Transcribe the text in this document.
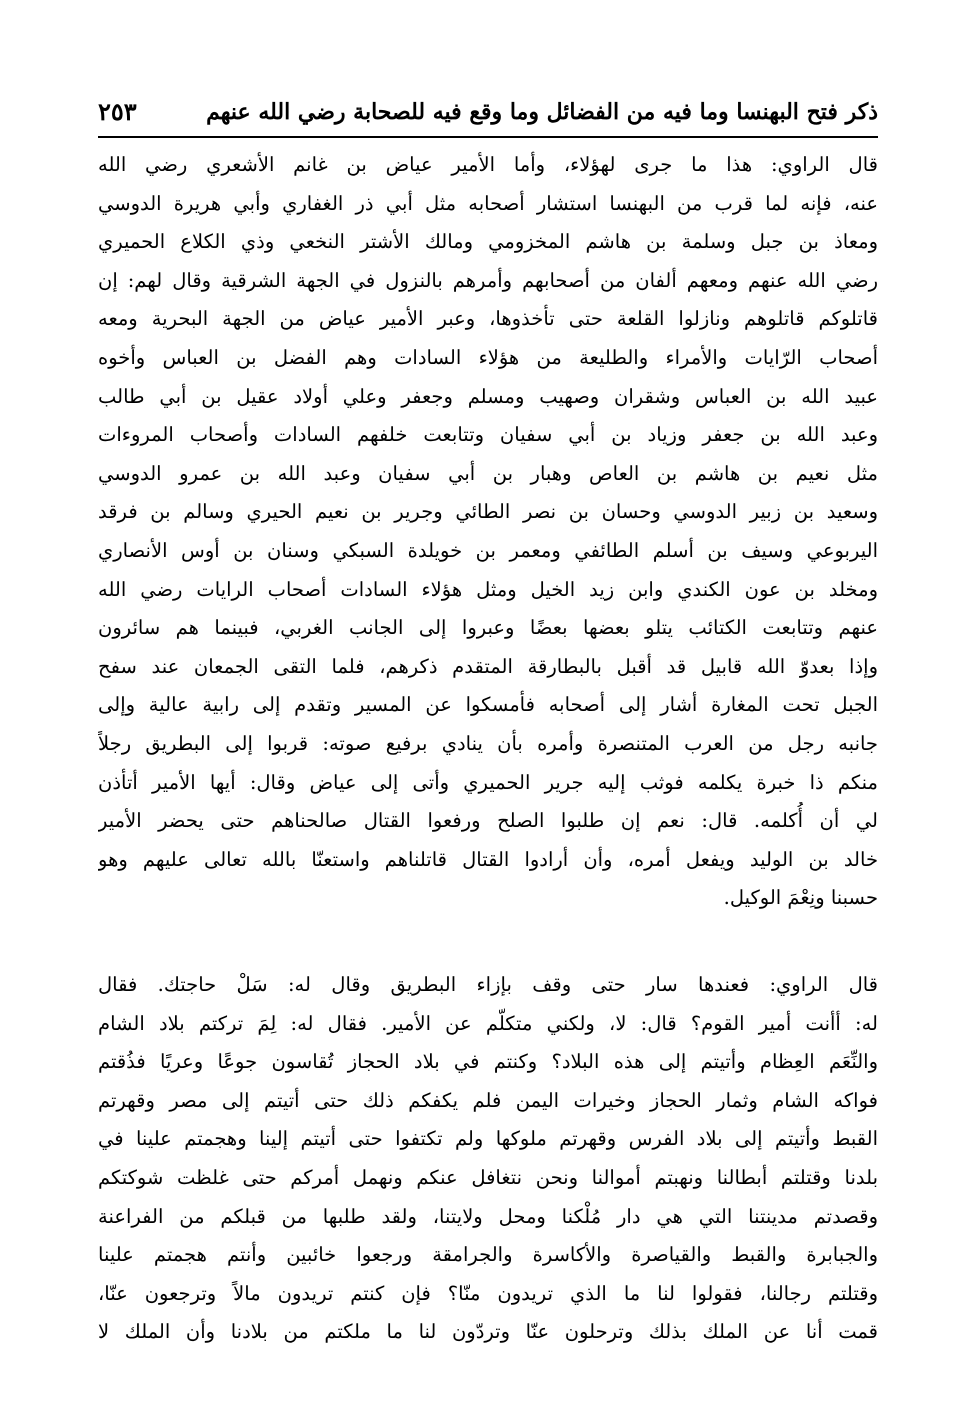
ذكر فتح البهنسا وما فيه من الفضائل وما وقع فيه للصحابة رضي الله عنهم
٢٥٣
قال الراوي: هذا ما جرى لهؤلاء، وأما الأمير عياض بن غانم الأشعري رضي الله
عنه، فإنه لما قرب من البهنسا استشار أصحابه مثل أبي ذر الغفاري وأبي هريرة الدوسي
ومعاذ بن جبل وسلمة بن هاشم المخزومي ومالك الأشتر النخعي وذي الكلاع الحميري
رضي الله عنهم ومعهم ألفان من أصحابهم وأمرهم بالنزول في الجهة الشرقية وقال لهم: إن
قاتلوكم قاتلوهم ونازلوا القلعة حتى تأخذوها، وعبر الأمير عياض من الجهة البحرية ومعه
أصحاب الرّايات والأمراء والطليعة من هؤلاء السادات وهم الفضل بن العباس وأخوه
عبيد الله بن العباس وشقران وصهيب ومسلم وجعفر وعلي أولاد عقيل بن أبي طالب
وعبد الله بن جعفر وزياد بن أبي سفيان وتتابعت خلفهم السادات وأصحاب المروءات
مثل نعيم بن هاشم بن العاص وهبار بن أبي سفيان وعبد الله بن عمرو الدوسي
وسعيد بن زبير الدوسي وحسان بن نصر الطائي وجرير بن نعيم الحيري وسالم بن فرقد
اليربوعي وسيف بن أسلم الطائفي ومعمر بن خويلدة السبكي وسنان بن أوس الأنصاري
ومخلد بن عون الكندي وابن زيد الخيل ومثل هؤلاء السادات أصحاب الرايات رضي الله
عنهم وتتابعت الكتائب يتلو بعضها بعضًا وعبروا إلى الجانب الغربي، فبينما هم سائرون
وإذا بعدوّ الله قابيل قد أقبل بالبطارقة المتقدم ذكرهم، فلما التقى الجمعان عند سفح
الجبل تحت المغارة أشار إلى أصحابه فأمسكوا عن المسير وتقدم إلى رابية عالية وإلى
جانبه رجل من العرب المتنصرة وأمره بأن ينادي برفيع صوته: قربوا إلى البطريق رجلاً
منكم ذا خبرة يكلمه فوثب إليه جرير الحميري وأتى إلى عياض وقال: أيها الأمير أتأذن
لي أن أُكلمه. قال: نعم إن طلبوا الصلح ورفعوا القتال صالحناهم حتى يحضر الأمير
خالد بن الوليد ويفعل أمره، وأن أرادوا القتال قاتلناهم واستعنّا بالله تعالى عليهم وهو
حسبنا ونِعْمَ الوكيل.
قال الراوي: فعندها سار حتى وقف بإزاء البطريق وقال له: سَلْ حاجتك. فقال
له: أأنت أمير القوم؟ قال: لا، ولكني متكلّم عن الأمير. فقال له: لِمَ تركتم بلاد الشام
والنِّعَم العِظام وأتيتم إلى هذه البلاد؟ وكنتم في بلاد الحجاز تُقاسون جوعًا وعريًا فذُقتم
فواكه الشام وثمار الحجاز وخيرات اليمن فلم يكفكم ذلك حتى أتيتم إلى مصر وقهرتم
القبط وأتيتم إلى بلاد الفرس وقهرتم ملوكها ولم تكتفوا حتى أتيتم إلينا وهجمتم علينا في
بلدنا وقتلتم أبطالنا ونهبتم أموالنا ونحن نتغافل عنكم ونهمل أمركم حتى غلظت شوكتكم
وقصدتم مدينتنا التي هي دار مُلْكنا ومحل ولايتنا، ولقد طلبها من قبلكم من الفراعنة
والجبابرة والقبط والقياصرة والأكاسرة والجرامقة ورجعوا خائبين وأنتم هجمتم علينا
وقتلتم رجالنا، فقولوا لنا ما الذي تريدون منّا؟ فإن كنتم تريدون مالاً وترجعون عنّا،
قمت أنا عن الملك بذلك وترحلون عنّا وتردّون لنا ما ملكتم من بلادنا وأن الملك لا
